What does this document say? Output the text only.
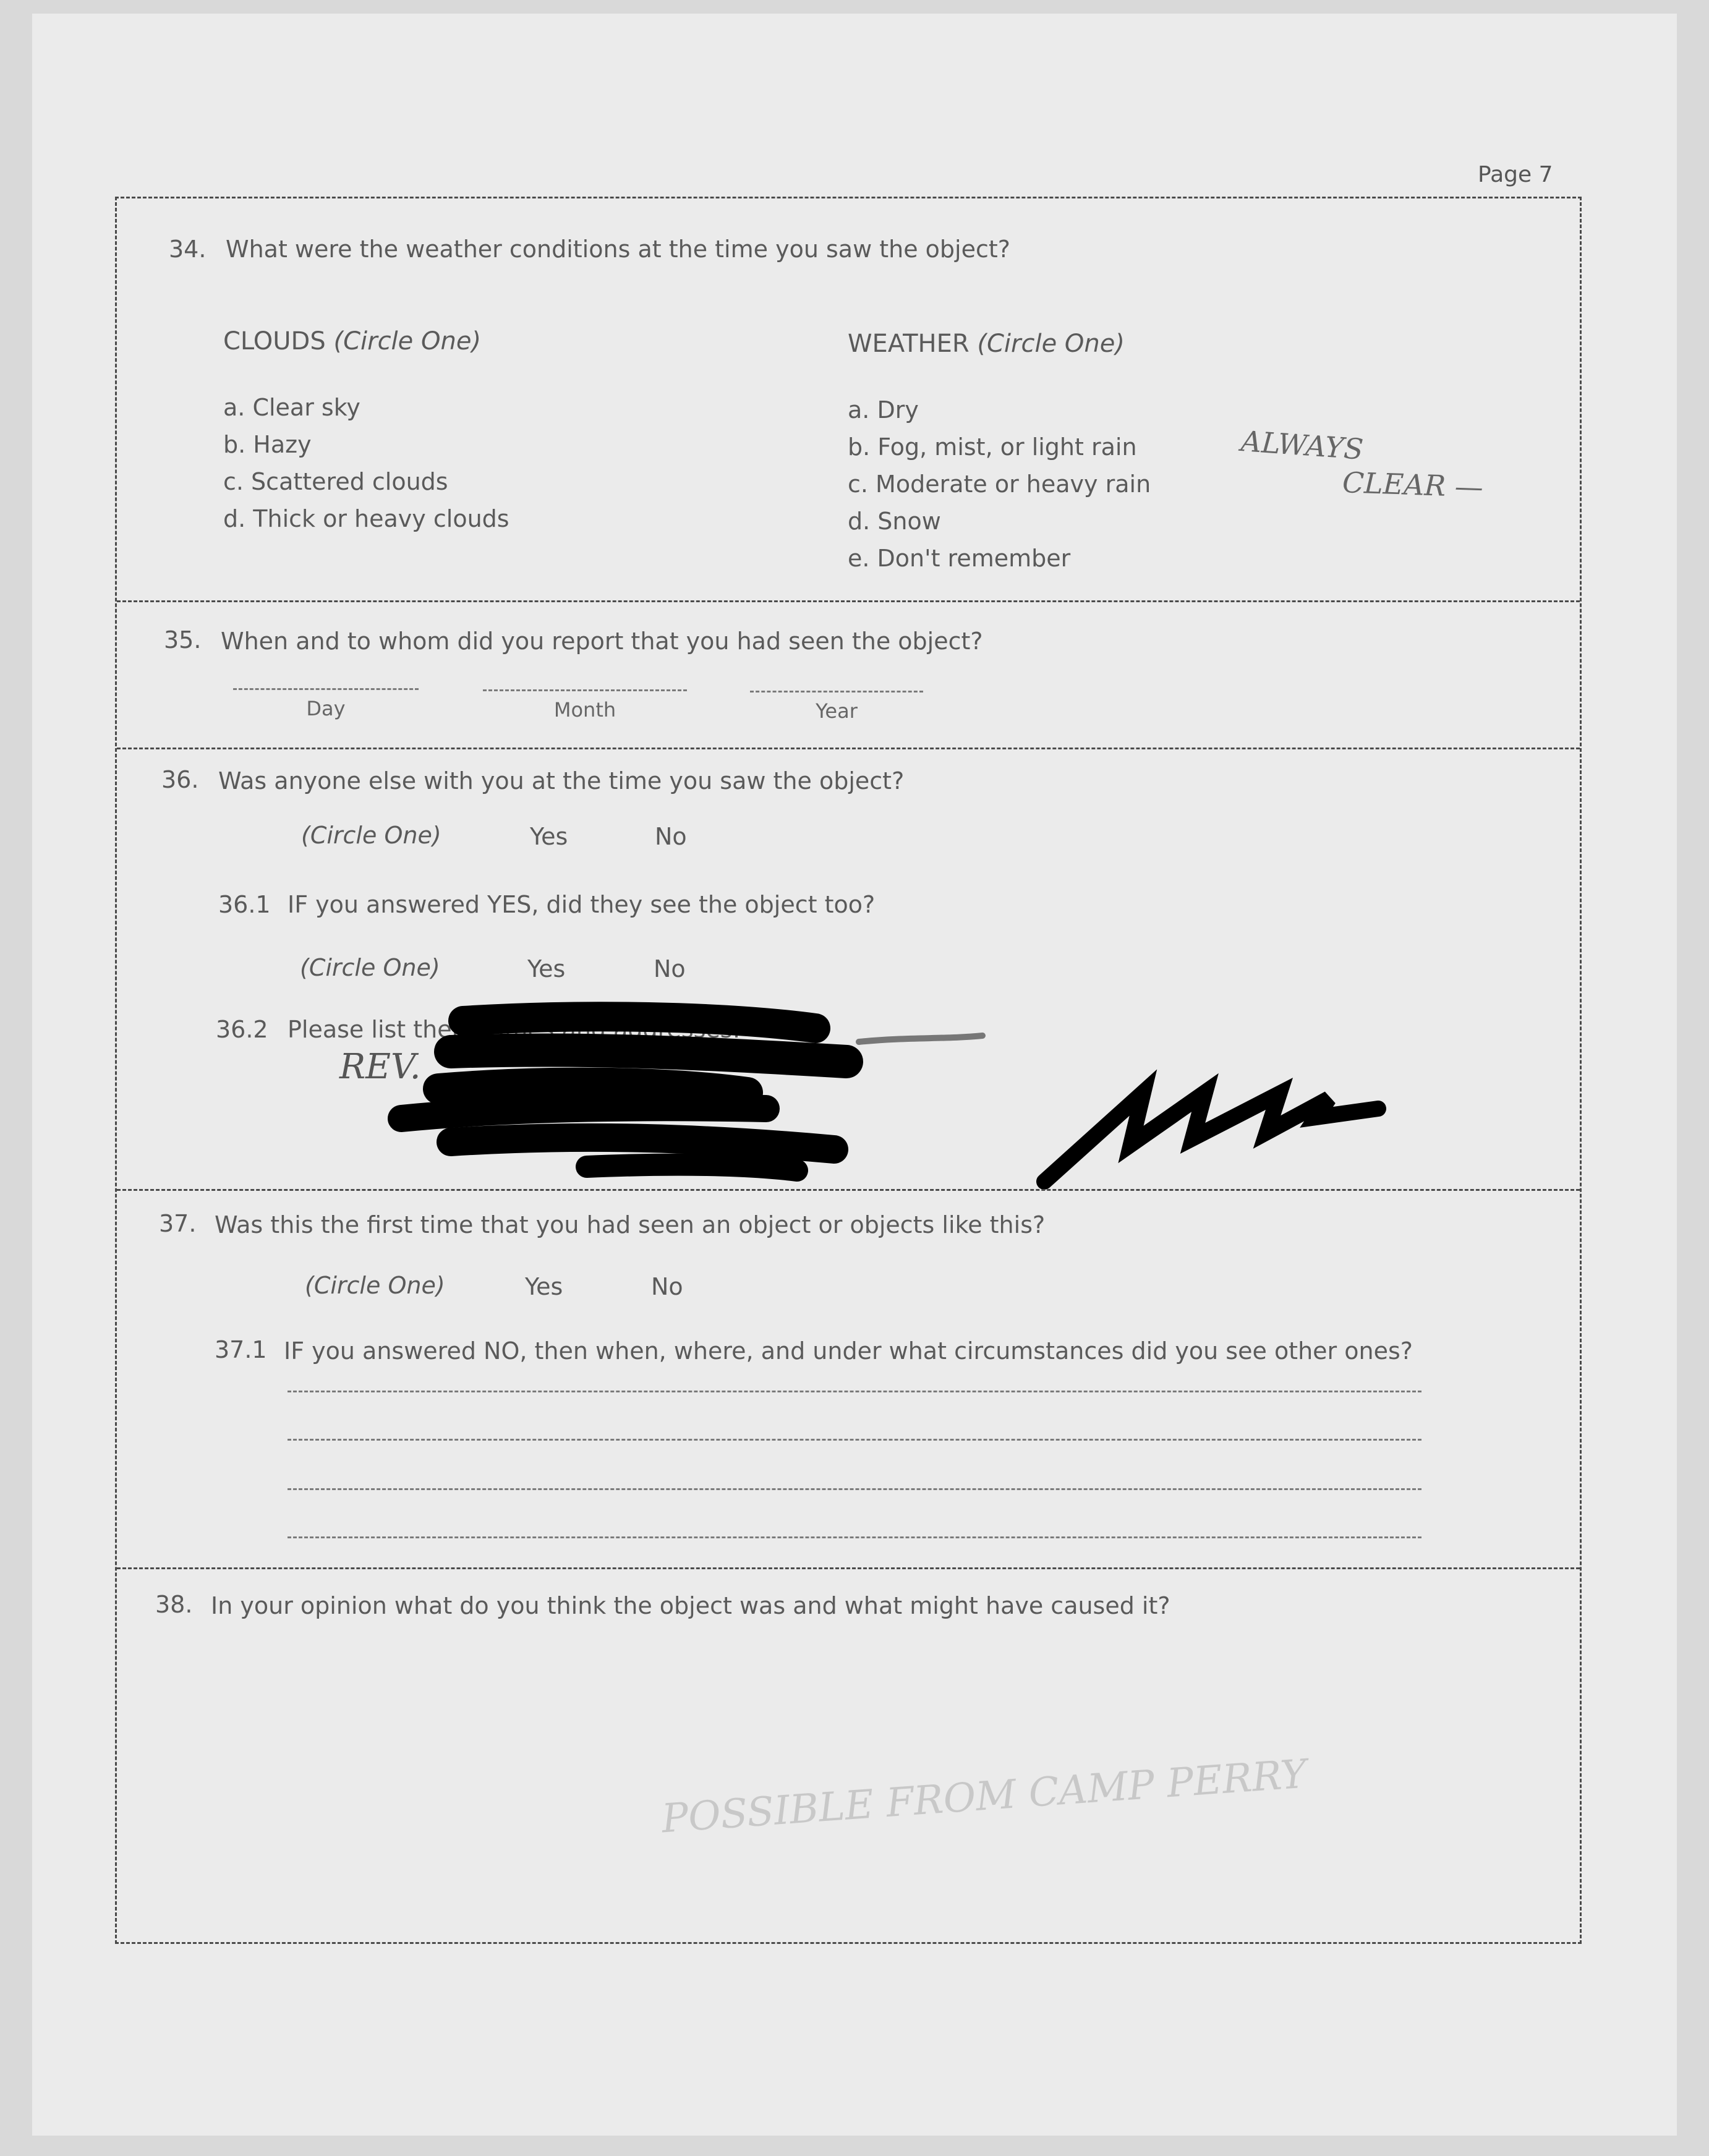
Page 7
34. What were the weather conditions at the time you saw the object?
CLOUDS (Circle One)
a. Clear sky
b. Hazy
c. Scattered clouds
d. Thick or heavy clouds
WEATHER (Circle One)
a. Dry
b. Fog, mist, or light rain
c. Moderate or heavy rain
d. Snow
e. Don't remember
ALWAYS
CLEAR —
35. When and to whom did you report that you had seen the object?
Day	Month	Year
36. Was anyone else with you at the time you saw the object?
(Circle One)	Yes	No
36.1 IF you answered YES, did they see the object too?
(Circle One)	Yes	No
36.2 Please list their names and addresses:
REV.
37. Was this the first time that you had seen an object or objects like this?
(Circle One)	Yes	No
37.1 IF you answered NO, then when, where, and under what circumstances did you see other ones?
38. In your opinion what do you think the object was and what might have caused it?
POSSIBLE FROM CAMP PERRY
